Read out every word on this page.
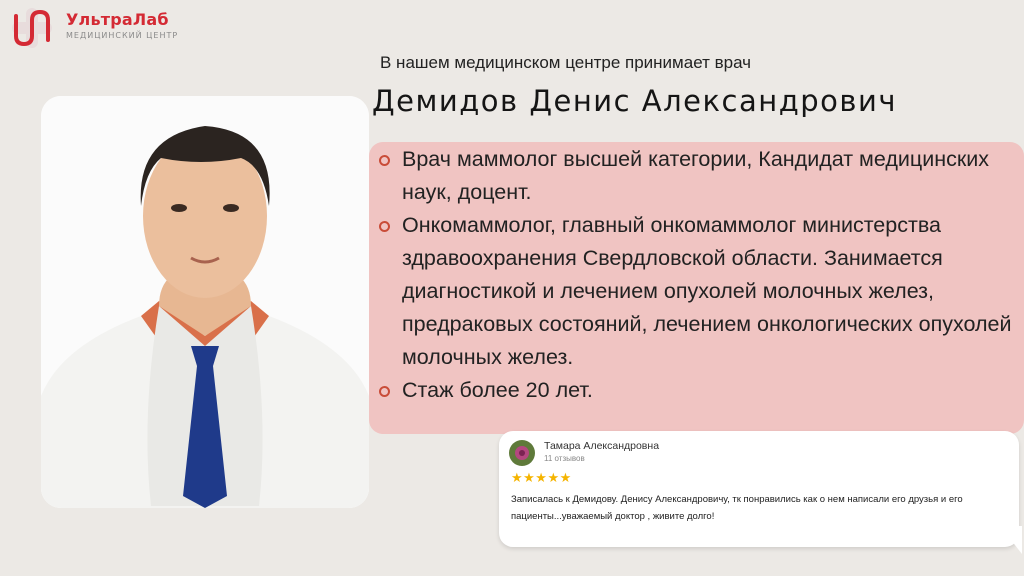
УльтраЛаб
МЕДИЦИНСКИЙ ЦЕНТР
В нашем медицинском центре принимает врач
Демидов Денис Александрович
Врач маммолог высшей категории, Кандидат медицинских наук, доцент.
Онкомаммолог, главный онкомаммолог министерства здравоохранения Свердловской области. Занимается диагностикой и лечением опухолей молочных желез, предраковых состояний, лечением онкологических опухолей молочных желез.
Стаж более 20 лет.
Тамара Александровна
11 отзывов
★★★★★
Записалась к Демидову. Денису Александровичу, тк понравились как о нем написали его друзья и его пациенты...уважаемый доктор , живите долго!
